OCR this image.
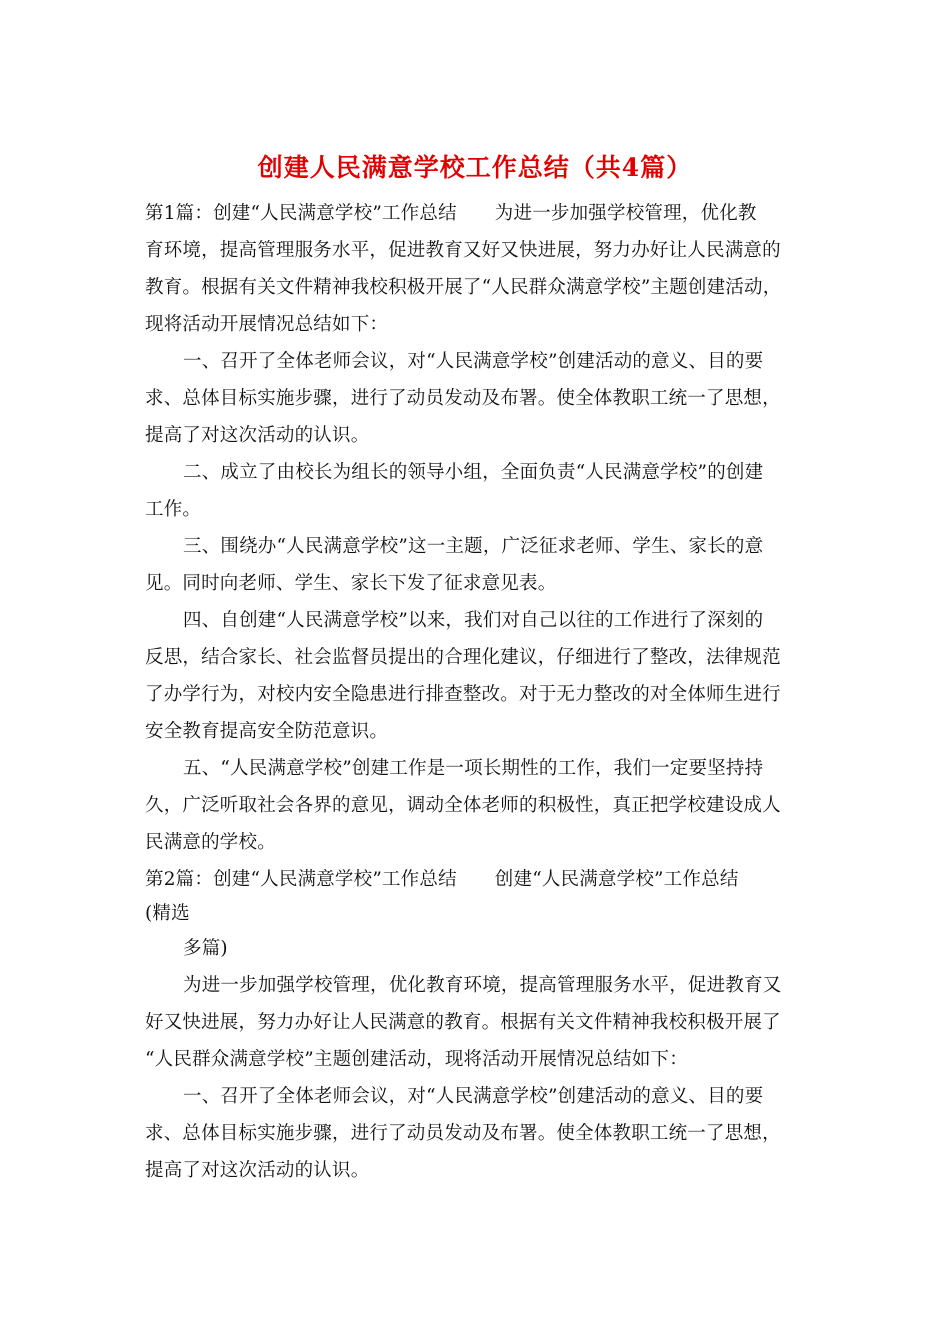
创建人民满意学校工作总结（共4篇）
第1篇：创建“人民满意学校”工作总结 为进一步加强学校管理，优化教
育环境，提高管理服务水平，促进教育又好又快进展，努力办好让人民满意的
教育。根据有关文件精神我校积极开展了“人民群众满意学校”主题创建活动，
现将活动开展情况总结如下：
一、召开了全体老师会议，对“人民满意学校”创建活动的意义、目的要
求、总体目标实施步骤，进行了动员发动及布署。使全体教职工统一了思想，
提高了对这次活动的认识。
二、成立了由校长为组长的领导小组，全面负责“人民满意学校”的创建
工作。
三、围绕办“人民满意学校”这一主题，广泛征求老师、学生、家长的意
见。同时向老师、学生、家长下发了征求意见表。
四、自创建“人民满意学校”以来，我们对自己以往的工作进行了深刻的
反思，结合家长、社会监督员提出的合理化建议，仔细进行了整改，法律规范
了办学行为，对校内安全隐患进行排查整改。对于无力整改的对全体师生进行
安全教育提高安全防范意识。
五、“人民满意学校”创建工作是一项长期性的工作，我们一定要坚持持
久，广泛听取社会各界的意见，调动全体老师的积极性，真正把学校建设成人
民满意的学校。
第2篇：创建“人民满意学校”工作总结 创建“人民满意学校”工作总结
(精选
多篇)
为进一步加强学校管理，优化教育环境，提高管理服务水平，促进教育又
好又快进展，努力办好让人民满意的教育。根据有关文件精神我校积极开展了
“人民群众满意学校”主题创建活动，现将活动开展情况总结如下：
一、召开了全体老师会议，对“人民满意学校”创建活动的意义、目的要
求、总体目标实施步骤，进行了动员发动及布署。使全体教职工统一了思想，
提高了对这次活动的认识。
